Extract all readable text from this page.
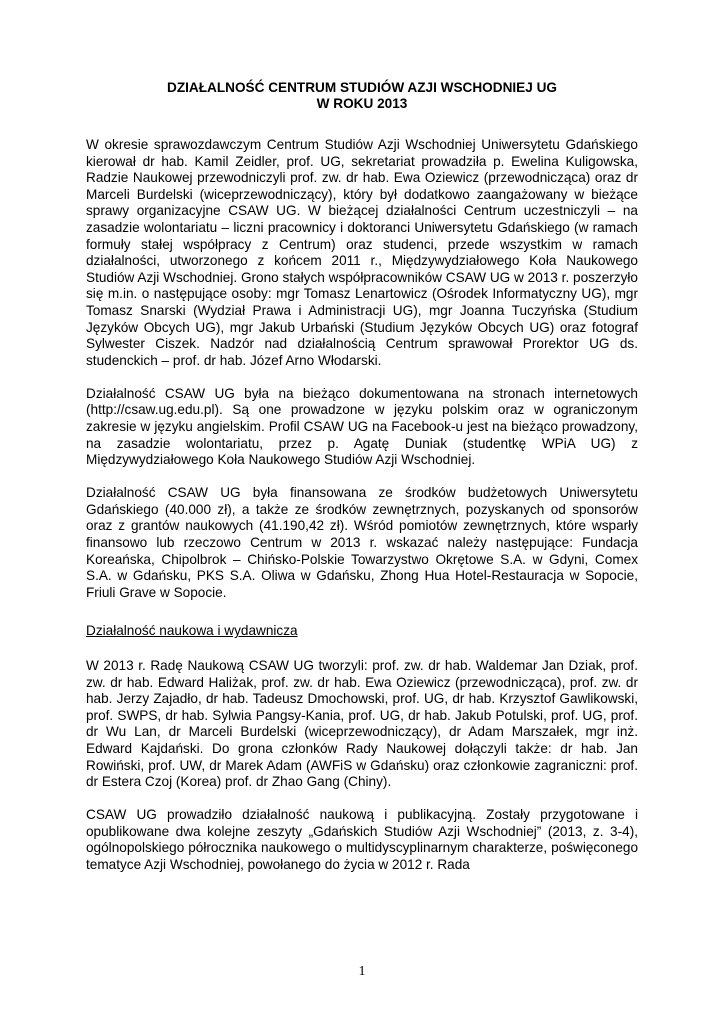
DZIAŁALNOŚĆ CENTRUM STUDIÓW AZJI WSCHODNIEJ UG
W ROKU 2013

W okresie sprawozdawczym Centrum Studiów Azji Wschodniej Uniwersytetu Gdańskiego kierował dr hab. Kamil Zeidler, prof. UG, sekretariat prowadziła p. Ewelina Kuligowska, Radzie Naukowej przewodniczyli prof. zw. dr hab. Ewa Oziewicz (przewodnicząca) oraz dr Marceli Burdelski (wiceprzewodniczący), który był dodatkowo zaangażowany w bieżące sprawy organizacyjne CSAW UG. W bieżącej działalności Centrum uczestniczyli – na zasadzie wolontariatu – liczni pracownicy i doktoranci Uniwersytetu Gdańskiego (w ramach formuły stałej współpracy z Centrum) oraz studenci, przede wszystkim w ramach działalności, utworzonego z końcem 2011 r., Międzywydziałowego Koła Naukowego Studiów Azji Wschodniej. Grono stałych współpracowników CSAW UG w 2013 r. poszerzyło się m.in. o następujące osoby: mgr Tomasz Lenartowicz (Ośrodek Informatyczny UG), mgr Tomasz Snarski (Wydział Prawa i Administracji UG), mgr Joanna Tuczyńska (Studium Języków Obcych UG), mgr Jakub Urbański (Studium Języków Obcych UG) oraz fotograf Sylwester Ciszek. Nadzór nad działalnością Centrum sprawował Prorektor UG ds. studenckich – prof. dr hab. Józef Arno Włodarski.

Działalność CSAW UG była na bieżąco dokumentowana na stronach internetowych (http://csaw.ug.edu.pl). Są one prowadzone w języku polskim oraz w ograniczonym zakresie w języku angielskim. Profil CSAW UG na Facebook-u jest na bieżąco prowadzony, na zasadzie wolontariatu, przez p. Agatę Duniak (studentkę WPiA UG) z Międzywydziałowego Koła Naukowego Studiów Azji Wschodniej.

Działalność CSAW UG była finansowana ze środków budżetowych Uniwersytetu Gdańskiego (40.000 zł), a także ze środków zewnętrznych, pozyskanych od sponsorów oraz z grantów naukowych (41.190,42 zł). Wśród pomiotów zewnętrznych, które wsparły finansowo lub rzeczowo Centrum w 2013 r. wskazać należy następujące: Fundacja Koreańska, Chipolbrok – Chińsko-Polskie Towarzystwo Okrętowe S.A. w Gdyni, Comex S.A. w Gdańsku, PKS S.A. Oliwa w Gdańsku, Zhong Hua Hotel-Restauracja w Sopocie, Friuli Grave w Sopocie.

Działalność naukowa i wydawnicza

W 2013 r. Radę Naukową CSAW UG tworzyli: prof. zw. dr hab. Waldemar Jan Dziak, prof. zw. dr hab. Edward Haliżak, prof. zw. dr hab. Ewa Oziewicz (przewodnicząca), prof. zw. dr hab. Jerzy Zajadło, dr hab. Tadeusz Dmochowski, prof. UG, dr hab. Krzysztof Gawlikowski, prof. SWPS, dr hab. Sylwia Pangsy-Kania, prof. UG, dr hab. Jakub Potulski, prof. UG, prof. dr Wu Lan, dr Marceli Burdelski (wiceprzewodniczący), dr Adam Marszałek, mgr inż. Edward Kajdański. Do grona członków Rady Naukowej dołączyli także: dr hab. Jan Rowiński, prof. UW, dr Marek Adam (AWFiS w Gdańsku) oraz członkowie zagraniczni: prof. dr Estera Czoj (Korea) prof. dr Zhao Gang (Chiny).

CSAW UG prowadziło działalność naukową i publikacyjną. Zostały przygotowane i opublikowane dwa kolejne zeszyty „Gdańskich Studiów Azji Wschodniej” (2013, z. 3-4), ogólnopolskiego półrocznika naukowego o multidyscyplinarnym charakterze, poświęconego tematyce Azji Wschodniej, powołanego do życia w 2012 r. Rada

1
